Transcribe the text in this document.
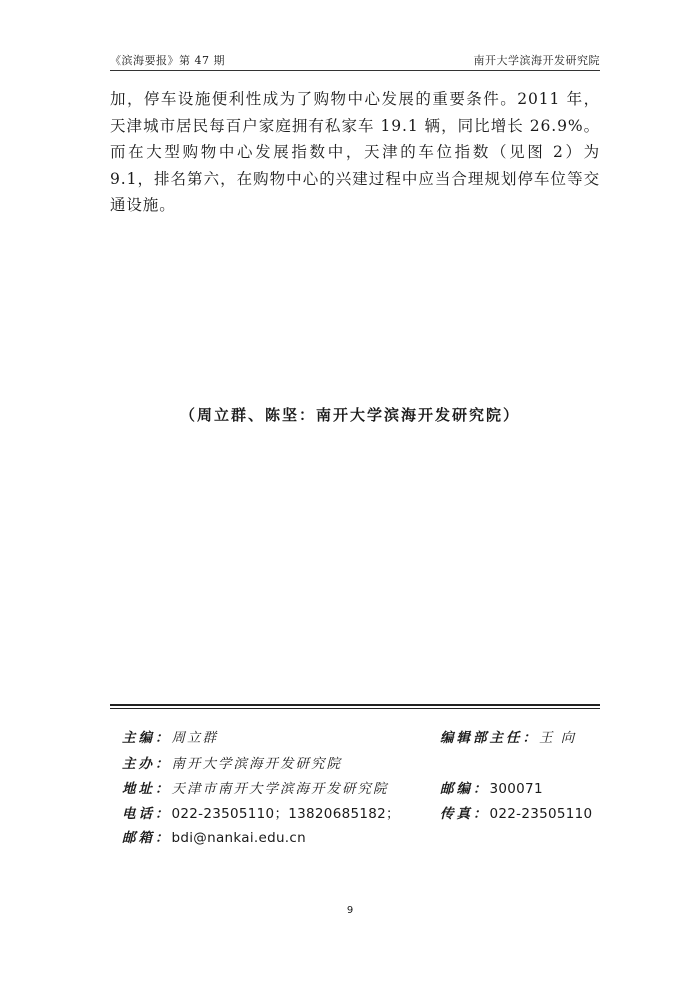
《滨海要报》第 47 期	南开大学滨海开发研究院

加，停车设施便利性成为了购物中心发展的重要条件。2011 年，天津城市居民每百户家庭拥有私家车 19.1 辆，同比增长 26.9%。而在大型购物中心发展指数中，天津的车位指数（见图 2）为 9.1，排名第六，在购物中心的兴建过程中应当合理规划停车位等交通设施。

（周立群、陈坚：南开大学滨海开发研究院）
主编：周立群	编辑部主任：王 向
主办：南开大学滨海开发研究院
地址：天津市南开大学滨海开发研究院	邮编：300071
电话：022-23505110；13820685182；	传真：022-23505110
邮箱：bdi@nankai.edu.cn
9
